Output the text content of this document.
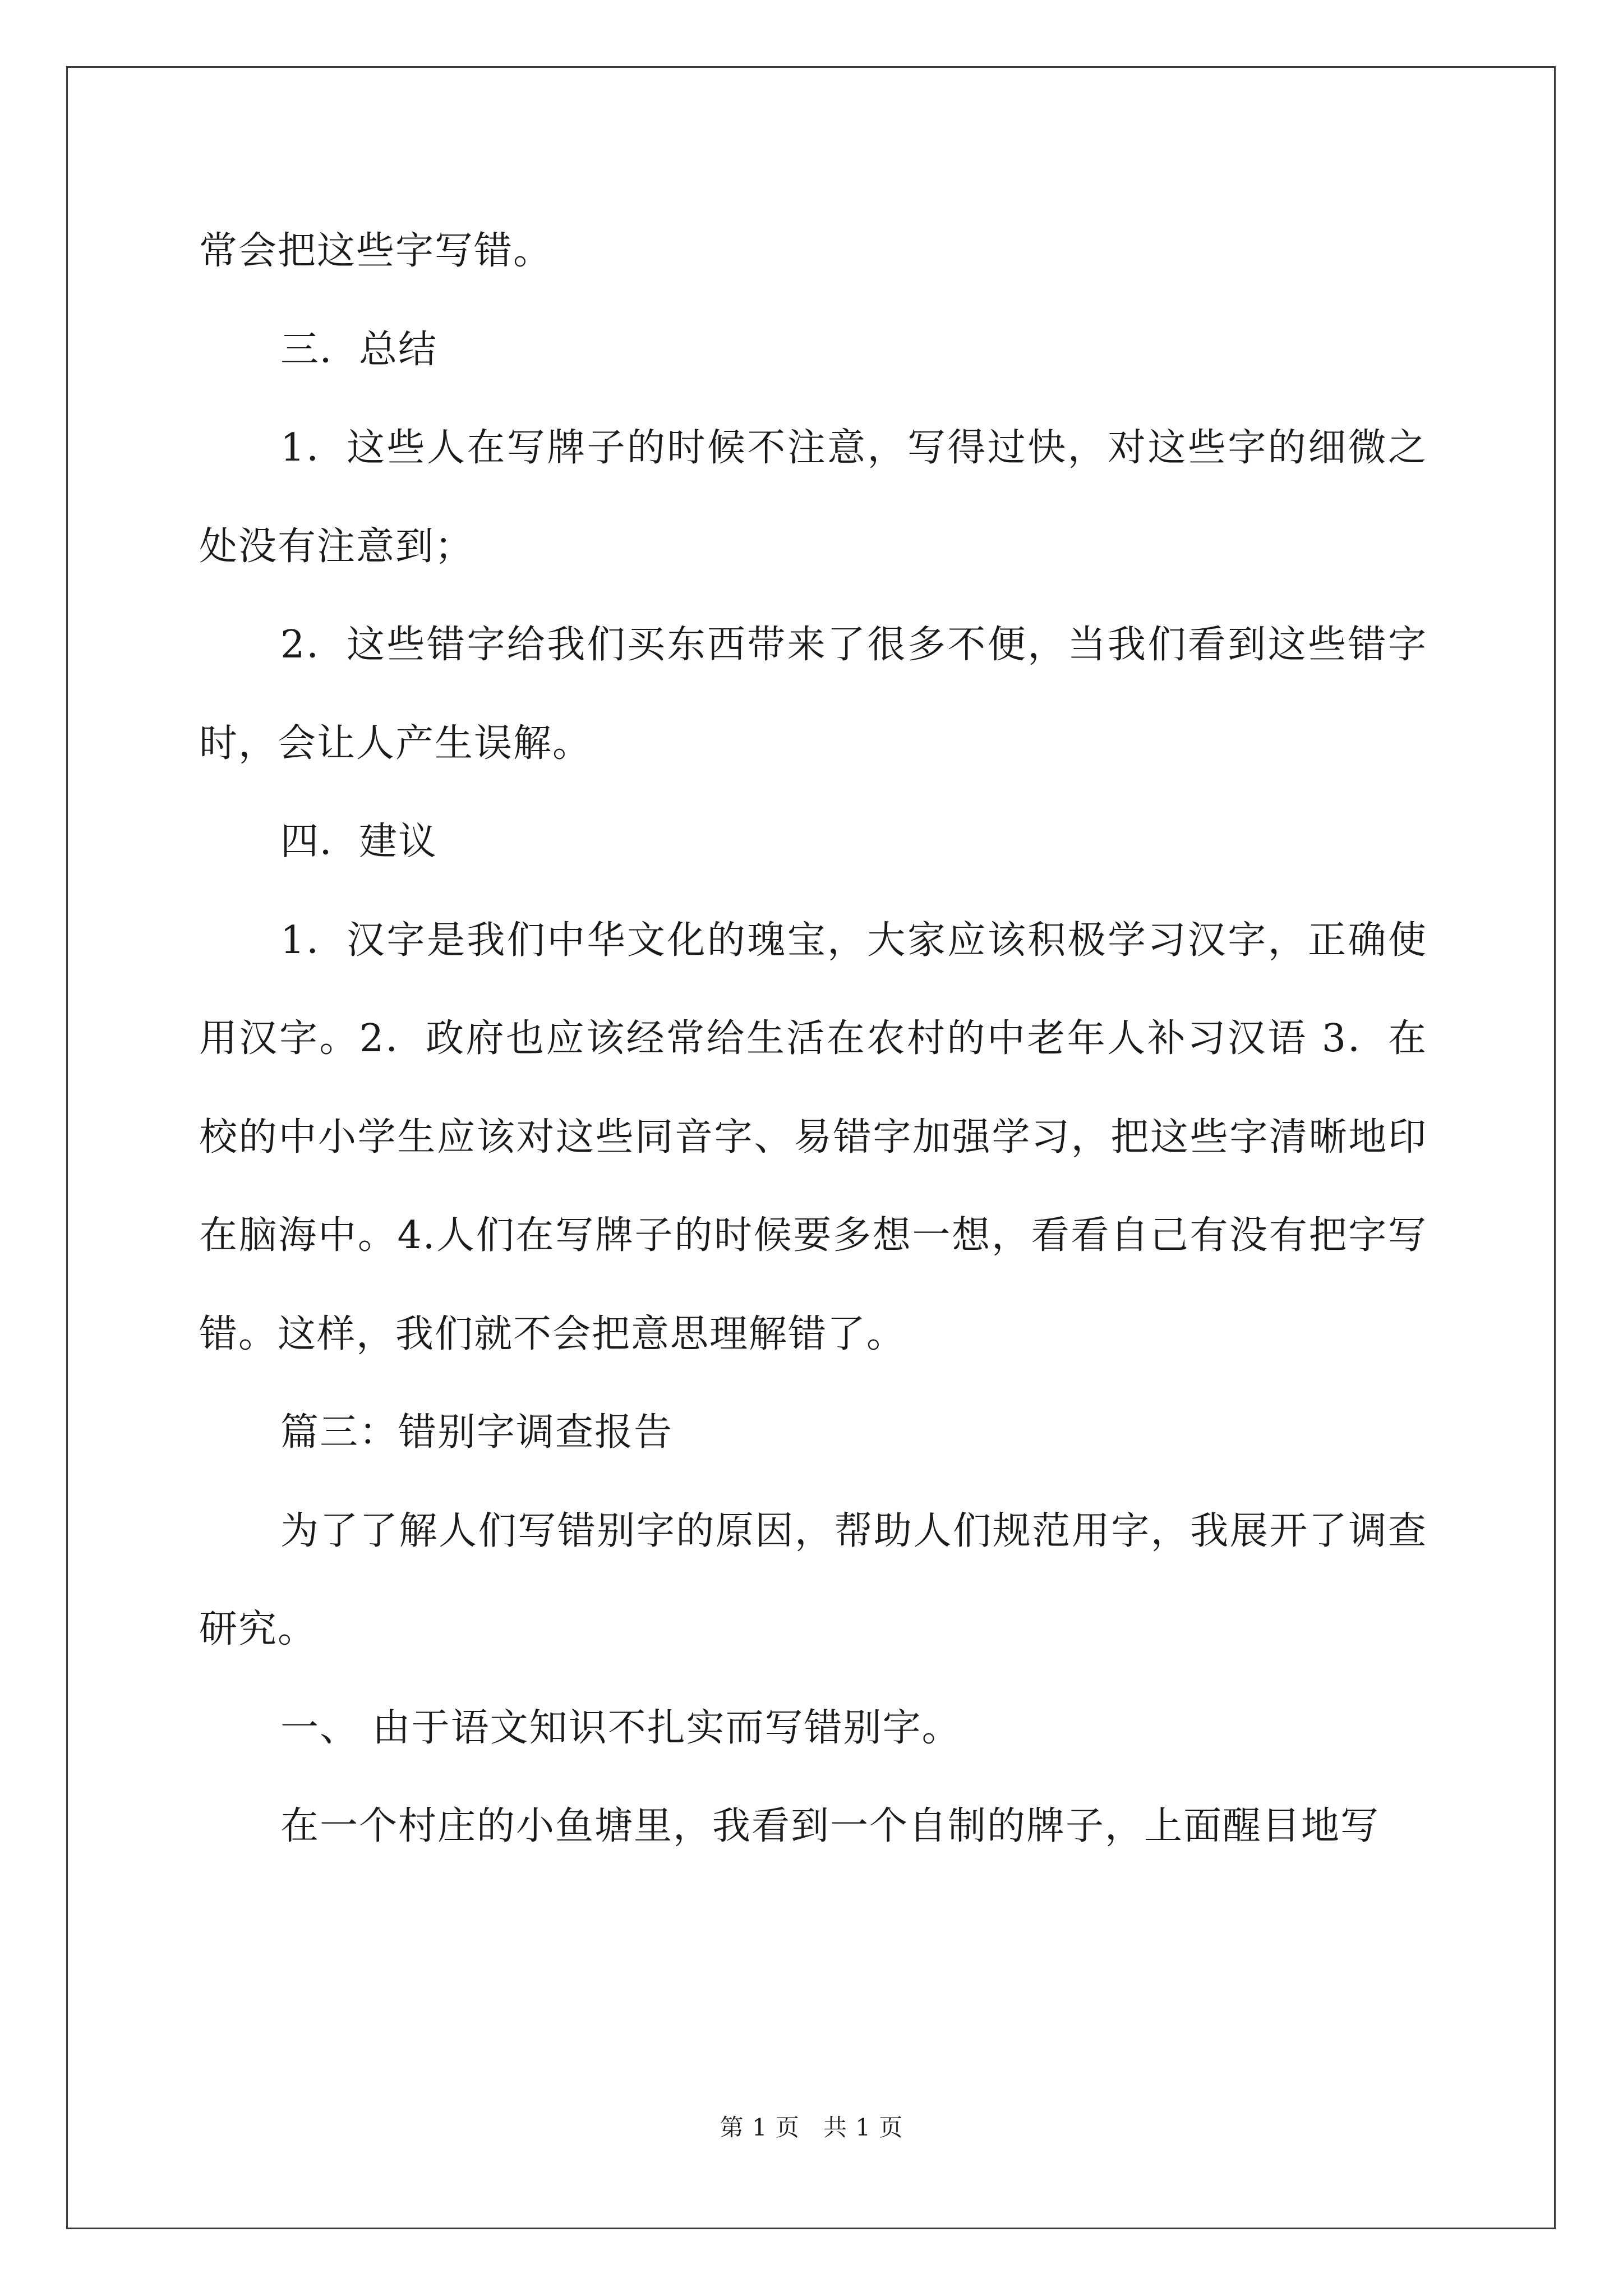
常会把这些字写错。

三．总结

1．这些人在写牌子的时候不注意，写得过快，对这些字的细微之处没有注意到；

2．这些错字给我们买东西带来了很多不便，当我们看到这些错字时，会让人产生误解。

四．建议

1．汉字是我们中华文化的瑰宝，大家应该积极学习汉字，正确使用汉字。2．政府也应该经常给生活在农村的中老年人补习汉语 3．在校的中小学生应该对这些同音字、易错字加强学习，把这些字清晰地印在脑海中。4.人们在写牌子的时候要多想一想，看看自己有没有把字写错。这样，我们就不会把意思理解错了。

篇三：错别字调查报告

为了了解人们写错别字的原因，帮助人们规范用字，我展开了调查研究。

一、 由于语文知识不扎实而写错别字。

在一个村庄的小鱼塘里，我看到一个自制的牌子，上面醒目地写

第 1 页 共 1 页
